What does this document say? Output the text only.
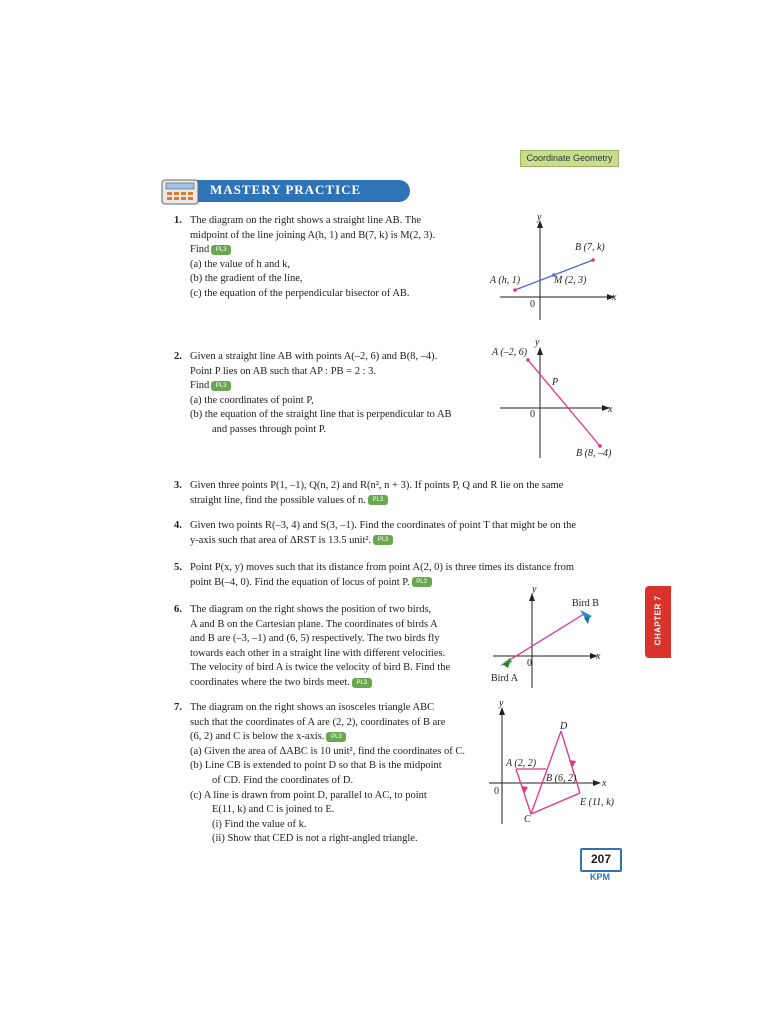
Coordinate Geometry
MASTERY PRACTICE
1. The diagram on the right shows a straight line AB. The

midpoint of the line joining A(h, 1) and B(7, k) is M(2, 3).

Find PL3

(a) the value of h and k,

(b) the gradient of the line,

(c) the equation of the perpendicular bisector of AB.

y
x
0
A (h, 1)
B (7, k)
M (2, 3)
2. Given a straight line AB with points A(–2, 6) and B(8, –4).

Point P lies on AB such that AP : PB = 2 : 3.

Find PL3

(a) the coordinates of point P,

(b) the equation of the straight line that is perpendicular to AB

and passes through point P.

y
x
0
A (–2, 6)
P
B (8, –4)
3. Given three points P(1, –1), Q(n, 2) and R(n², n + 3). If points P, Q and R lie on the same

straight line, find the possible values of n. PL3

4. Given two points R(–3, 4) and S(3, –1). Find the coordinates of point T that might be on the

y-axis such that area of ΔRST is 13.5 unit². PL3

5. Point P(x, y) moves such that its distance from point A(2, 0) is three times its distance from

point B(–4, 0). Find the equation of locus of point P. PL3

6. The diagram on the right shows the position of two birds,

A and B on the Cartesian plane. The coordinates of birds A

and B are (–3, –1) and (6, 5) respectively. The two birds fly

towards each other in a straight line with different velocities.

The velocity of bird A is twice the velocity of bird B. Find the

coordinates where the two birds meet. PL3

y
x
0
Bird A
Bird B
7. The diagram on the right shows an isosceles triangle ABC

such that the coordinates of A are (2, 2), coordinates of B are

(6, 2) and C is below the x-axis. PL3

(a) Given the area of ΔABC is 10 unit², find the coordinates of C.

(b) Line CB is extended to point D so that B is the midpoint

of CD. Find the coordinates of D.

(c) A line is drawn from point D, parallel to AC, to point

E(11, k) and C is joined to E.

(i) Find the value of k.

(ii) Show that CED is not a right-angled triangle.

y
x
0
A (2, 2)
B (6, 2)
C
D
E (11, k)
CHAPTER 7
207
KPM
